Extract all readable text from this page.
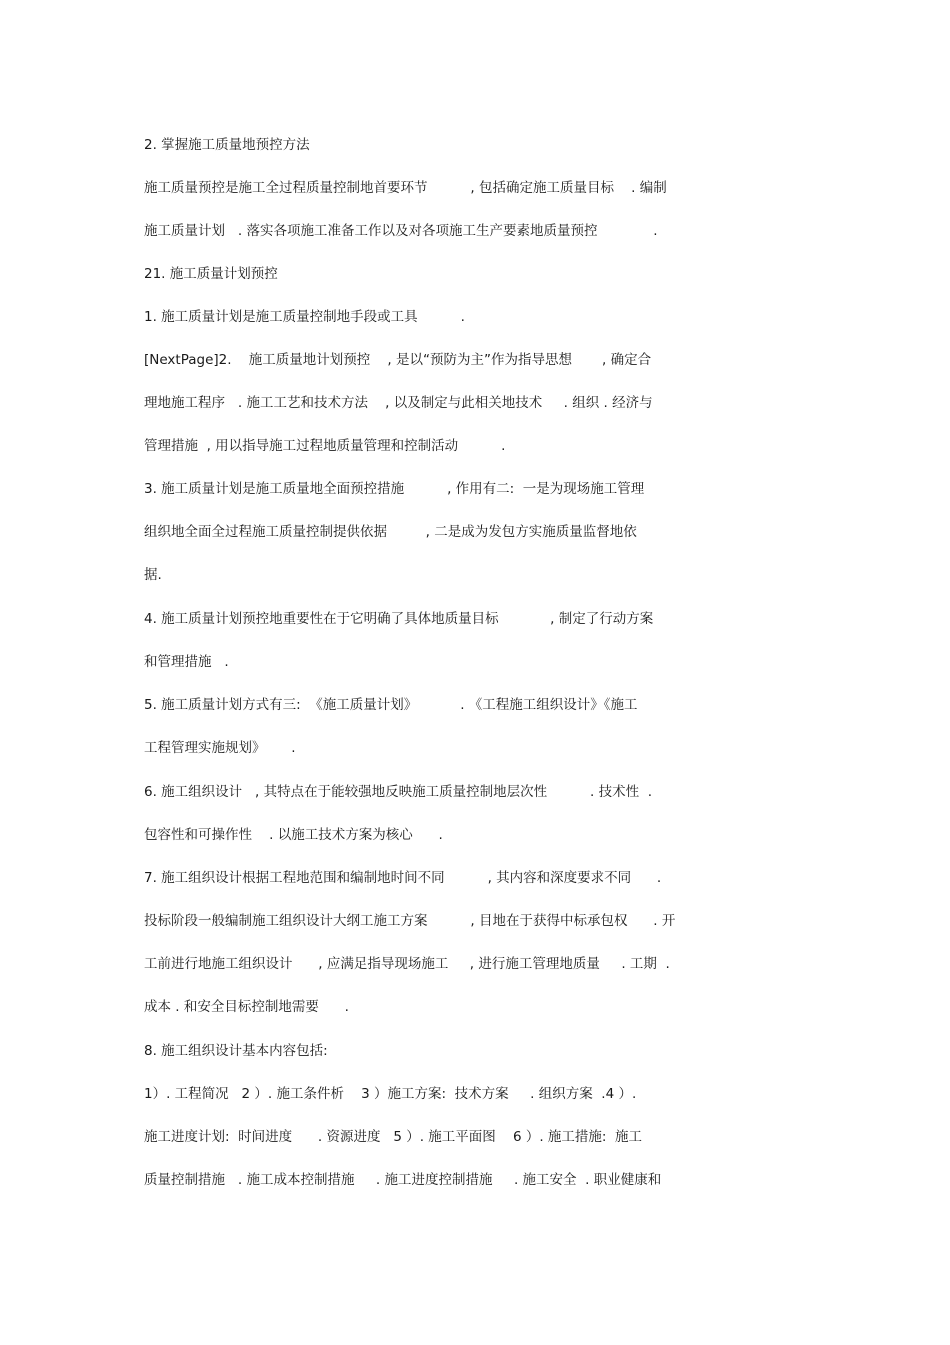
2. 掌握施工质量地预控方法
施工质量预控是施工全过程质量控制地首要环节          , 包括确定施工质量目标    . 编制
施工质量计划   . 落实各项施工准备工作以及对各项施工生产要素地质量预控             .
21. 施工质量计划预控
1. 施工质量计划是施工质量控制地手段或工具          .
[NextPage]2.    施工质量地计划预控    , 是以“预防为主”作为指导思想       , 确定合
理地施工程序   . 施工工艺和技术方法    , 以及制定与此相关地技术     . 组织 . 经济与
管理措施  , 用以指导施工过程地质量管理和控制活动          .
3. 施工质量计划是施工质量地全面预控措施          , 作用有二:  一是为现场施工管理
组织地全面全过程施工质量控制提供依据         , 二是成为发包方实施质量监督地依
据.
4. 施工质量计划预控地重要性在于它明确了具体地质量目标            , 制定了行动方案
和管理措施   .
5. 施工质量计划方式有三:  《施工质量计划》          . 《工程施工组织设计》《施工
工程管理实施规划》      .
6. 施工组织设计   , 其特点在于能较强地反映施工质量控制地层次性          . 技术性  .
包容性和可操作性    . 以施工技术方案为核心      .
7. 施工组织设计根据工程地范围和编制地时间不同          , 其内容和深度要求不同      .
投标阶段一般编制施工组织设计大纲工施工方案          , 目地在于获得中标承包权      . 开
工前进行地施工组织设计      , 应满足指导现场施工     , 进行施工管理地质量     . 工期  .
成本 . 和安全目标控制地需要      .
8. 施工组织设计基本内容包括:
1）. 工程简况   2 ）. 施工条件析    3 ）施工方案:  技术方案     . 组织方案  .4 ）.
施工进度计划:  时间进度      . 资源进度   5 ）. 施工平面图    6 ）. 施工措施:  施工
质量控制措施   . 施工成本控制措施     . 施工进度控制措施     . 施工安全  . 职业健康和
